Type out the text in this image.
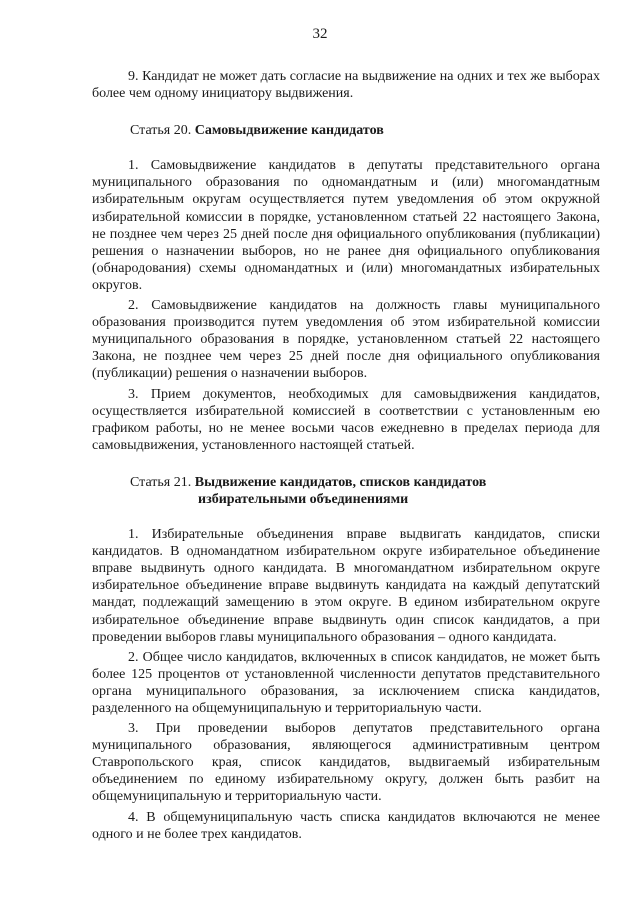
32

9. Кандидат не может дать согласие на выдвижение на одних и тех же выборах более чем одному инициатору выдвижения.

Статья 20. Самовыдвижение кандидатов

1. Самовыдвижение кандидатов в депутаты представительного органа муниципального образования по одномандатным и (или) многомандатным избирательным округам осуществляется путем уведомления об этом окружной избирательной комиссии в порядке, установленном статьей 22 настоящего Закона, не позднее чем через 25 дней после дня официального опубликования (публикации) решения о назначении выборов, но не ранее дня официального опубликования (обнародования) схемы одномандатных и (или) многомандатных избирательных округов.

2. Самовыдвижение кандидатов на должность главы муниципального образования производится путем уведомления об этом избирательной комиссии муниципального образования в порядке, установленном статьей 22 настоящего Закона, не позднее чем через 25 дней после дня официального опубликования (публикации) решения о назначении выборов.

3. Прием документов, необходимых для самовыдвижения кандидатов, осуществляется избирательной комиссией в соответствии с установленным ею графиком работы, но не менее восьми часов ежедневно в пределах периода для самовыдвижения, установленного настоящей статьей.

Статья 21. Выдвижение кандидатов, списков кандидатов
избирательными объединениями

1. Избирательные объединения вправе выдвигать кандидатов, списки кандидатов. В одномандатном избирательном округе избирательное объединение вправе выдвинуть одного кандидата. В многомандатном избирательном округе избирательное объединение вправе выдвинуть кандидата на каждый депутатский мандат, подлежащий замещению в этом округе. В едином избирательном округе избирательное объединение вправе выдвинуть один список кандидатов, а при проведении выборов главы муниципального образования – одного кандидата.

2. Общее число кандидатов, включенных в список кандидатов, не может быть более 125 процентов от установленной численности депутатов представительного органа муниципального образования, за исключением списка кандидатов, разделенного на общемуниципальную и территориальную части.

3. При проведении выборов депутатов представительного органа муниципального образования, являющегося административным центром Ставропольского края, список кандидатов, выдвигаемый избирательным объединением по единому избирательному округу, должен быть разбит на общемуниципальную и территориальную части.

4. В общемуниципальную часть списка кандидатов включаются не менее одного и не более трех кандидатов.
